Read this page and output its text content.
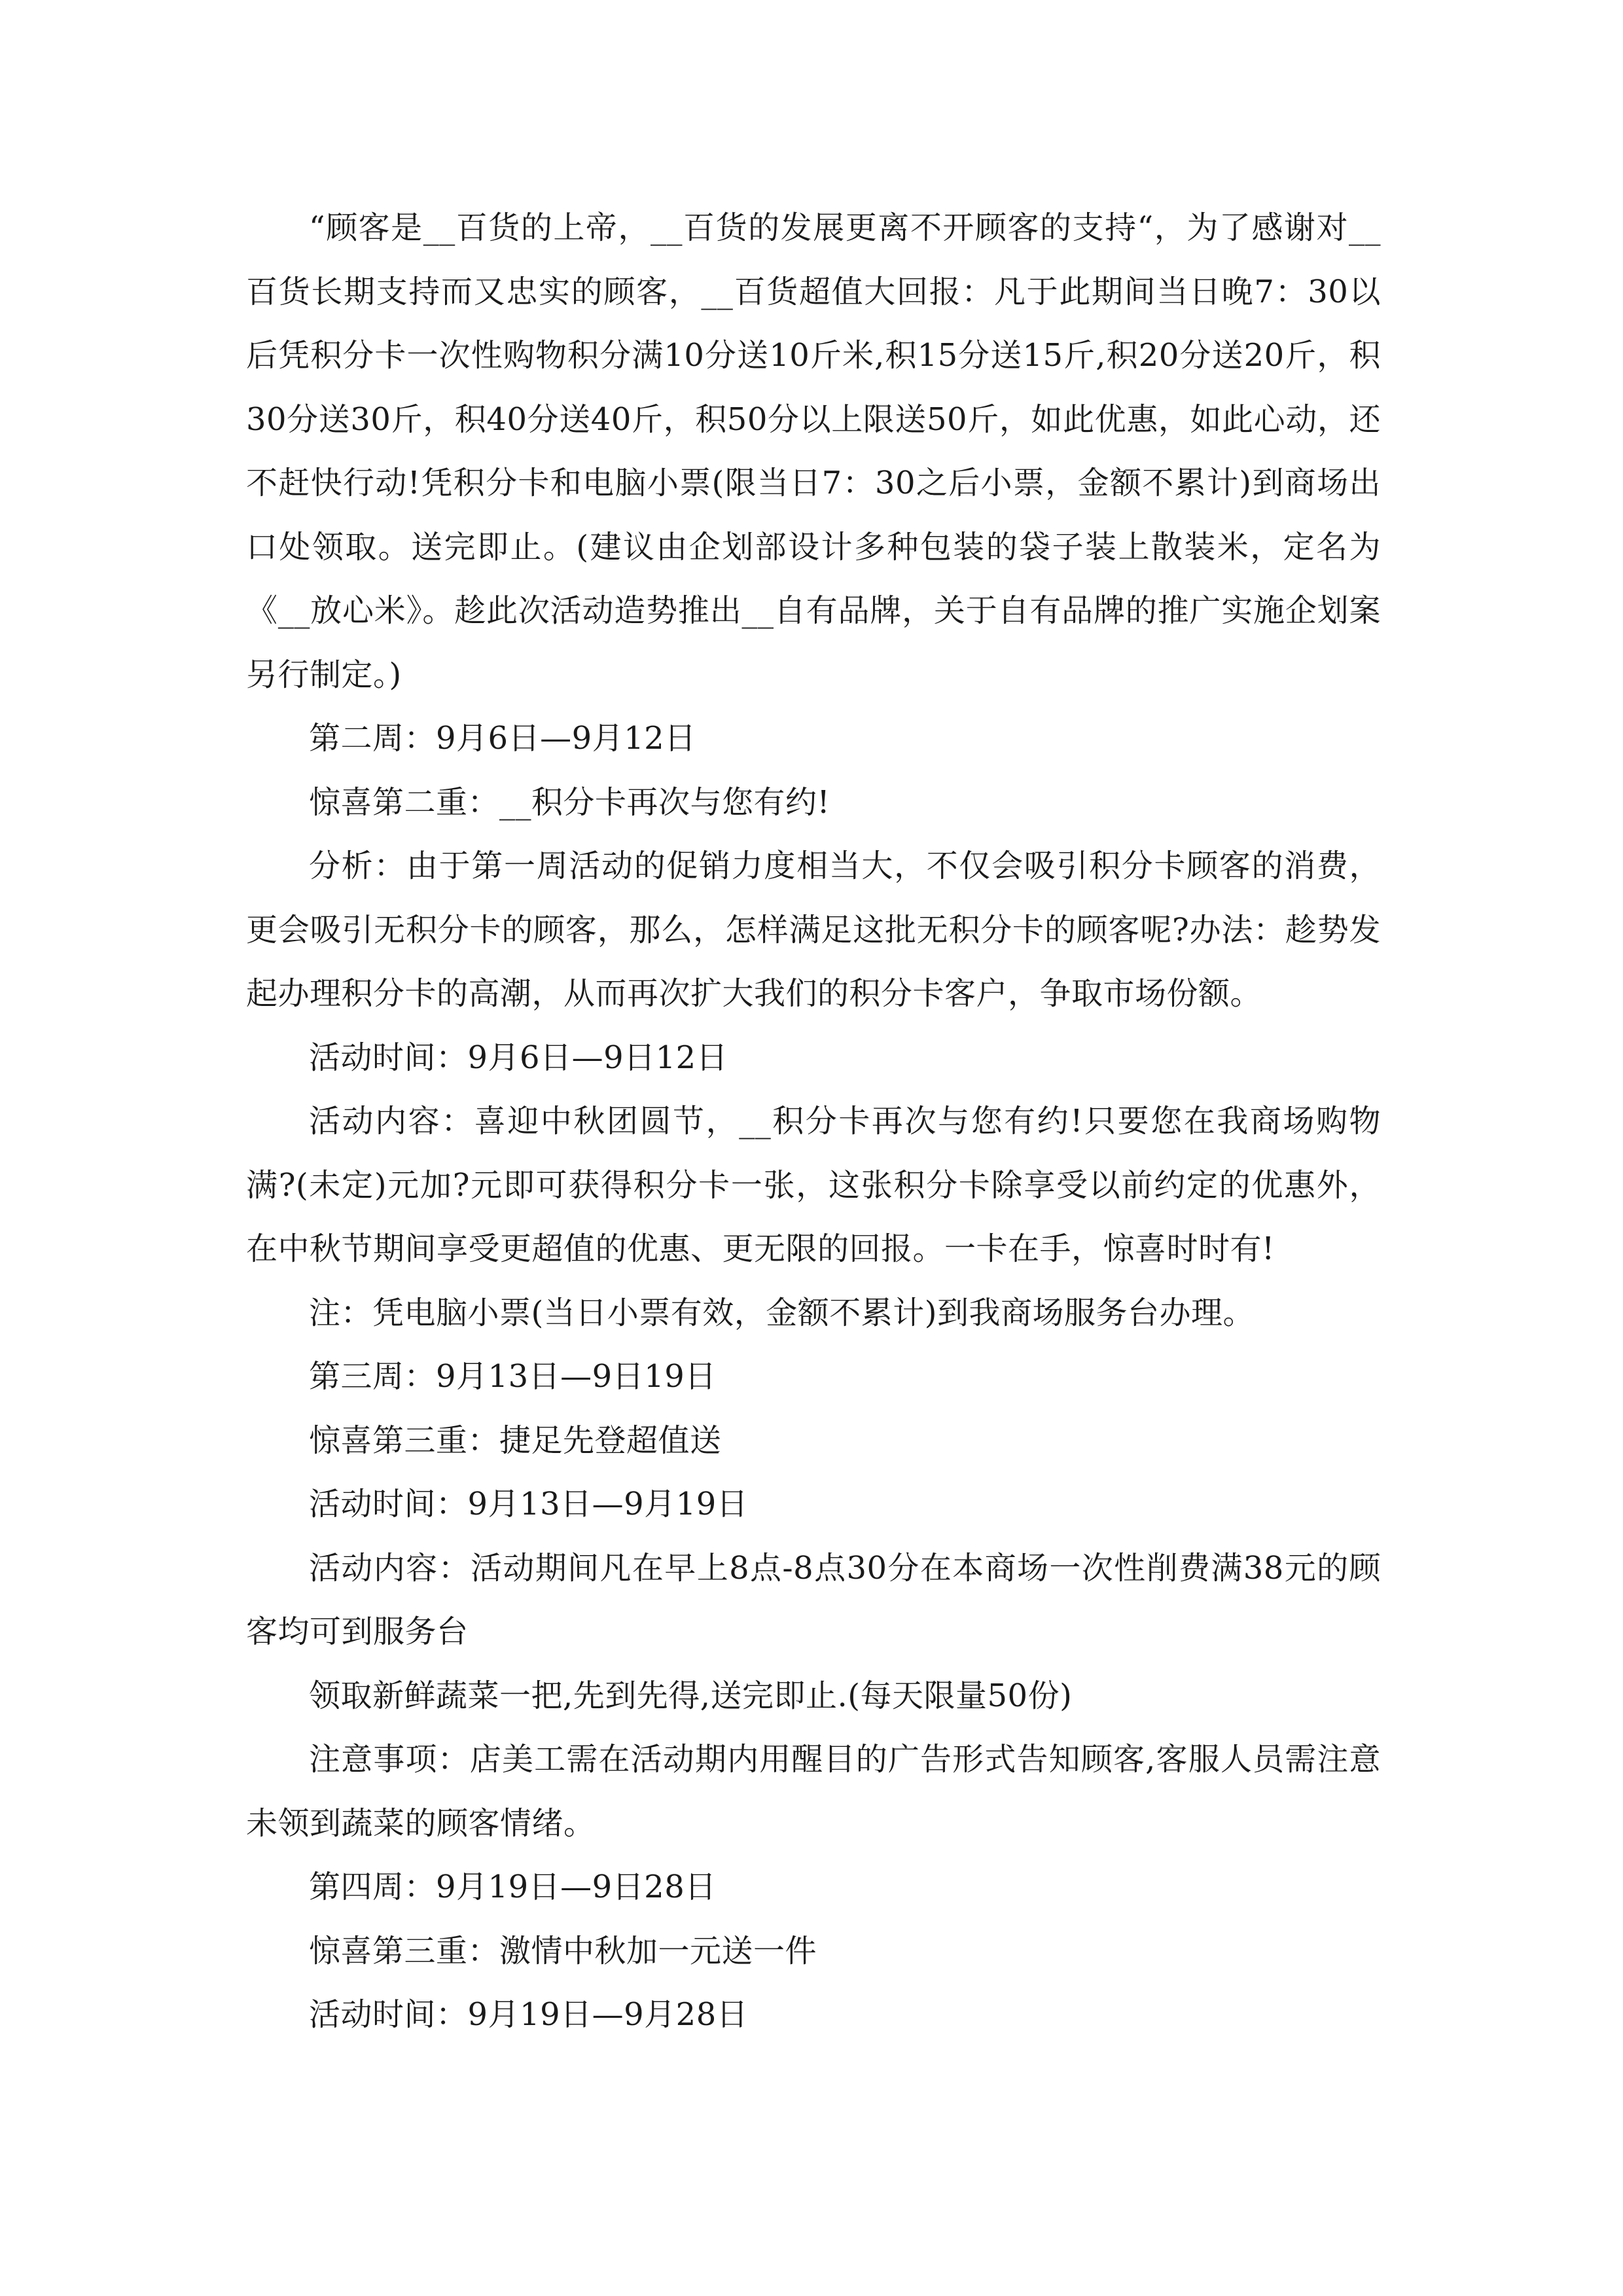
“顾客是__百货的上帝，__百货的发展更离不开顾客的支持“，为了感谢对__百货长期支持而又忠实的顾客，__百货超值大回报：凡于此期间当日晚7：30以后凭积分卡一次性购物积分满10分送10斤米,积15分送15斤,积20分送20斤，积30分送30斤，积40分送40斤，积50分以上限送50斤，如此优惠，如此心动，还不赶快行动!凭积分卡和电脑小票(限当日7：30之后小票，金额不累计)到商场出口处领取。送完即止。(建议由企划部设计多种包装的袋子装上散装米，定名为《__放心米》。趁此次活动造势推出__自有品牌，关于自有品牌的推广实施企划案另行制定。)

第二周：9月6日—9月12日

惊喜第二重：__积分卡再次与您有约!

分析：由于第一周活动的促销力度相当大，不仅会吸引积分卡顾客的消费，更会吸引无积分卡的顾客，那么，怎样满足这批无积分卡的顾客呢?办法：趁势发起办理积分卡的高潮，从而再次扩大我们的积分卡客户，争取市场份额。

活动时间：9月6日—9日12日

活动内容：喜迎中秋团圆节，__积分卡再次与您有约!只要您在我商场购物满?(未定)元加?元即可获得积分卡一张，这张积分卡除享受以前约定的优惠外，在中秋节期间享受更超值的优惠、更无限的回报。一卡在手，惊喜时时有!

注：凭电脑小票(当日小票有效，金额不累计)到我商场服务台办理。

第三周：9月13日—9日19日

惊喜第三重：捷足先登超值送

活动时间：9月13日—9月19日

活动内容：活动期间凡在早上8点-8点30分在本商场一次性削费满38元的顾客均可到服务台

领取新鲜蔬菜一把,先到先得,送完即止.(每天限量50份)

注意事项：店美工需在活动期内用醒目的广告形式告知顾客,客服人员需注意未领到蔬菜的顾客情绪。

第四周：9月19日—9日28日

惊喜第三重：激情中秋加一元送一件

活动时间：9月19日—9月28日
